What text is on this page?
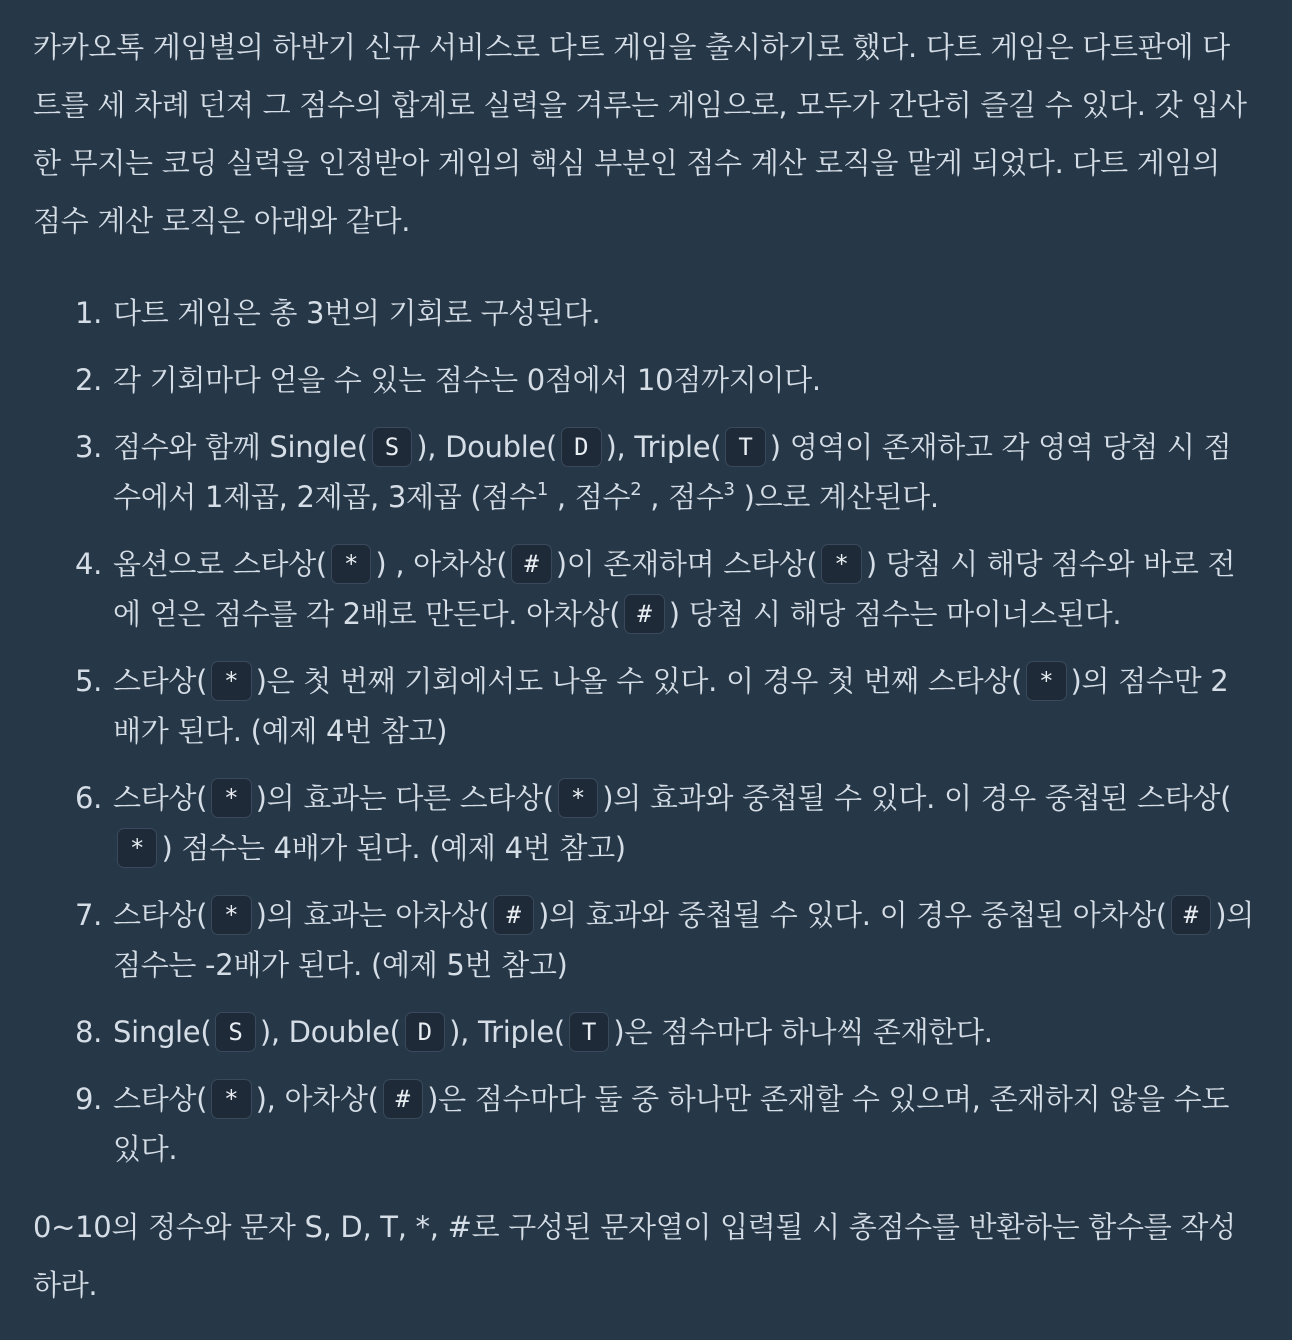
카카오톡 게임별의 하반기 신규 서비스로 다트 게임을 출시하기로 했다. 다트 게임은 다트판에 다트를 세 차례 던져 그 점수의 합계로 실력을 겨루는 게임으로, 모두가 간단히 즐길 수 있다. 갓 입사한 무지는 코딩 실력을 인정받아 게임의 핵심 부분인 점수 계산 로직을 맡게 되었다. 다트 게임의 점수 계산 로직은 아래와 같다.

1. 다트 게임은 총 3번의 기회로 구성된다.
2. 각 기회마다 얻을 수 있는 점수는 0점에서 10점까지이다.
3. 점수와 함께 Single( S ), Double( D ), Triple( T ) 영역이 존재하고 각 영역 당첨 시 점수에서 1제곱, 2제곱, 3제곱 (점수$^1$ , 점수$^2$ , 점수$^3$ )으로 계산된다.
4. 옵션으로 스타상( * ) , 아차상( # )이 존재하며 스타상( * ) 당첨 시 해당 점수와 바로 전에 얻은 점수를 각 2배로 만든다. 아차상( # ) 당첨 시 해당 점수는 마이너스된다.
5. 스타상( * )은 첫 번째 기회에서도 나올 수 있다. 이 경우 첫 번째 스타상( * )의 점수만 2배가 된다. (예제 4번 참고)
6. 스타상( * )의 효과는 다른 스타상( * )의 효과와 중첩될 수 있다. 이 경우 중첩된 스타상(* ) 점수는 4배가 된다. (예제 4번 참고)
7. 스타상( * )의 효과는 아차상( # )의 효과와 중첩될 수 있다. 이 경우 중첩된 아차상( # )의 점수는 -2배가 된다. (예제 5번 참고)
8. Single( S ), Double( D ), Triple( T )은 점수마다 하나씩 존재한다.
9. 스타상( * ), 아차상( # )은 점수마다 둘 중 하나만 존재할 수 있으며, 존재하지 않을 수도 있다.

0~10의 정수와 문자 S, D, T, *, #로 구성된 문자열이 입력될 시 총점수를 반환하는 함수를 작성하라.
